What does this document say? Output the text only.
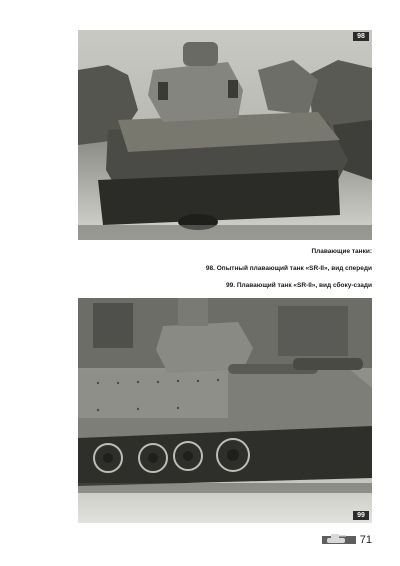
98
Плавающие танки:
98. Опытный плавающий танк «SR-II», вид спереди
99. Плавающий танк «SR-II», вид сбоку-сзади
99
71
